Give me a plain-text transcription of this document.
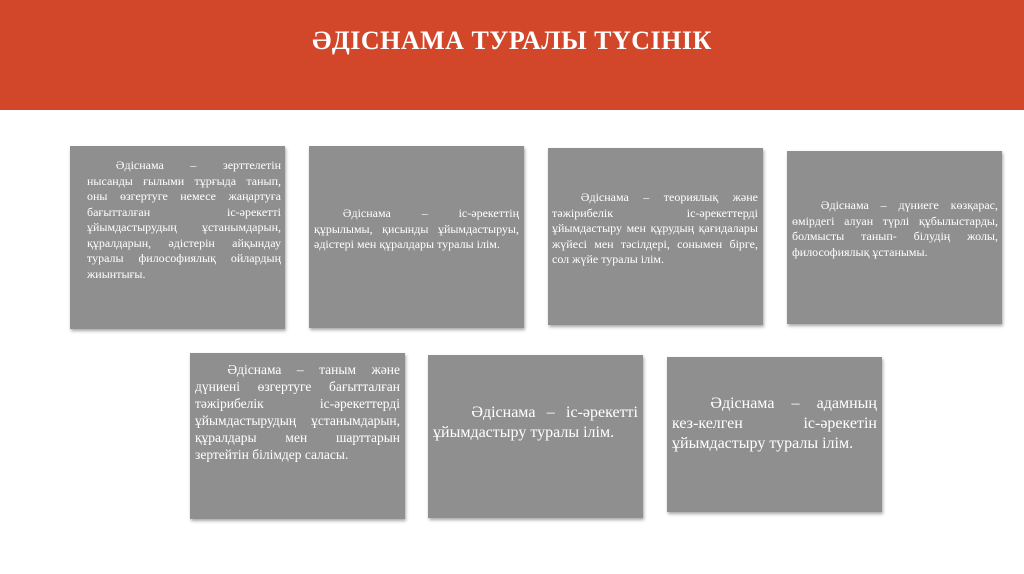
ӘДІСНАМА ТУРАЛЫ ТҮСІНІК

Әдіснама – зерттелетін нысанды ғылыми тұрғыда танып, оны өзгертуге немесе жаңартуға бағытталған іс-әрекетті ұйымдастырудың ұстанымдарын, құралдарын, әдістерін айқындау туралы философиялық ойлардың жиынтығы.

Әдіснама – іс-әрекеттің құрылымы, қисынды ұйымдастыруы, әдістері мен құралдары туралы ілім.

Әдіснама – теориялық және тәжірибелік іс-әрекеттерді ұйымдастыру мен құрудың қағидалары жүйесі мен тәсілдері, сонымен бірге, сол жүйе туралы ілім.

Әдіснама – дүниеге көзқарас, өмірдегі алуан түрлі құбылыстарды, болмысты танып- білудің жолы, философиялық ұстанымы.

Әдіснама – таным және дүниені өзгертуге бағытталған тәжірибелік іс-әрекеттерді ұйымдастырудың ұстанымдарын, құралдары мен шарттарын зертейтін білімдер саласы.

Әдіснама – іс-әрекетті ұйымдастыру туралы ілім.

Әдіснама – адамның кез-келген іс-әрекетін ұйымдастыру туралы ілім.
